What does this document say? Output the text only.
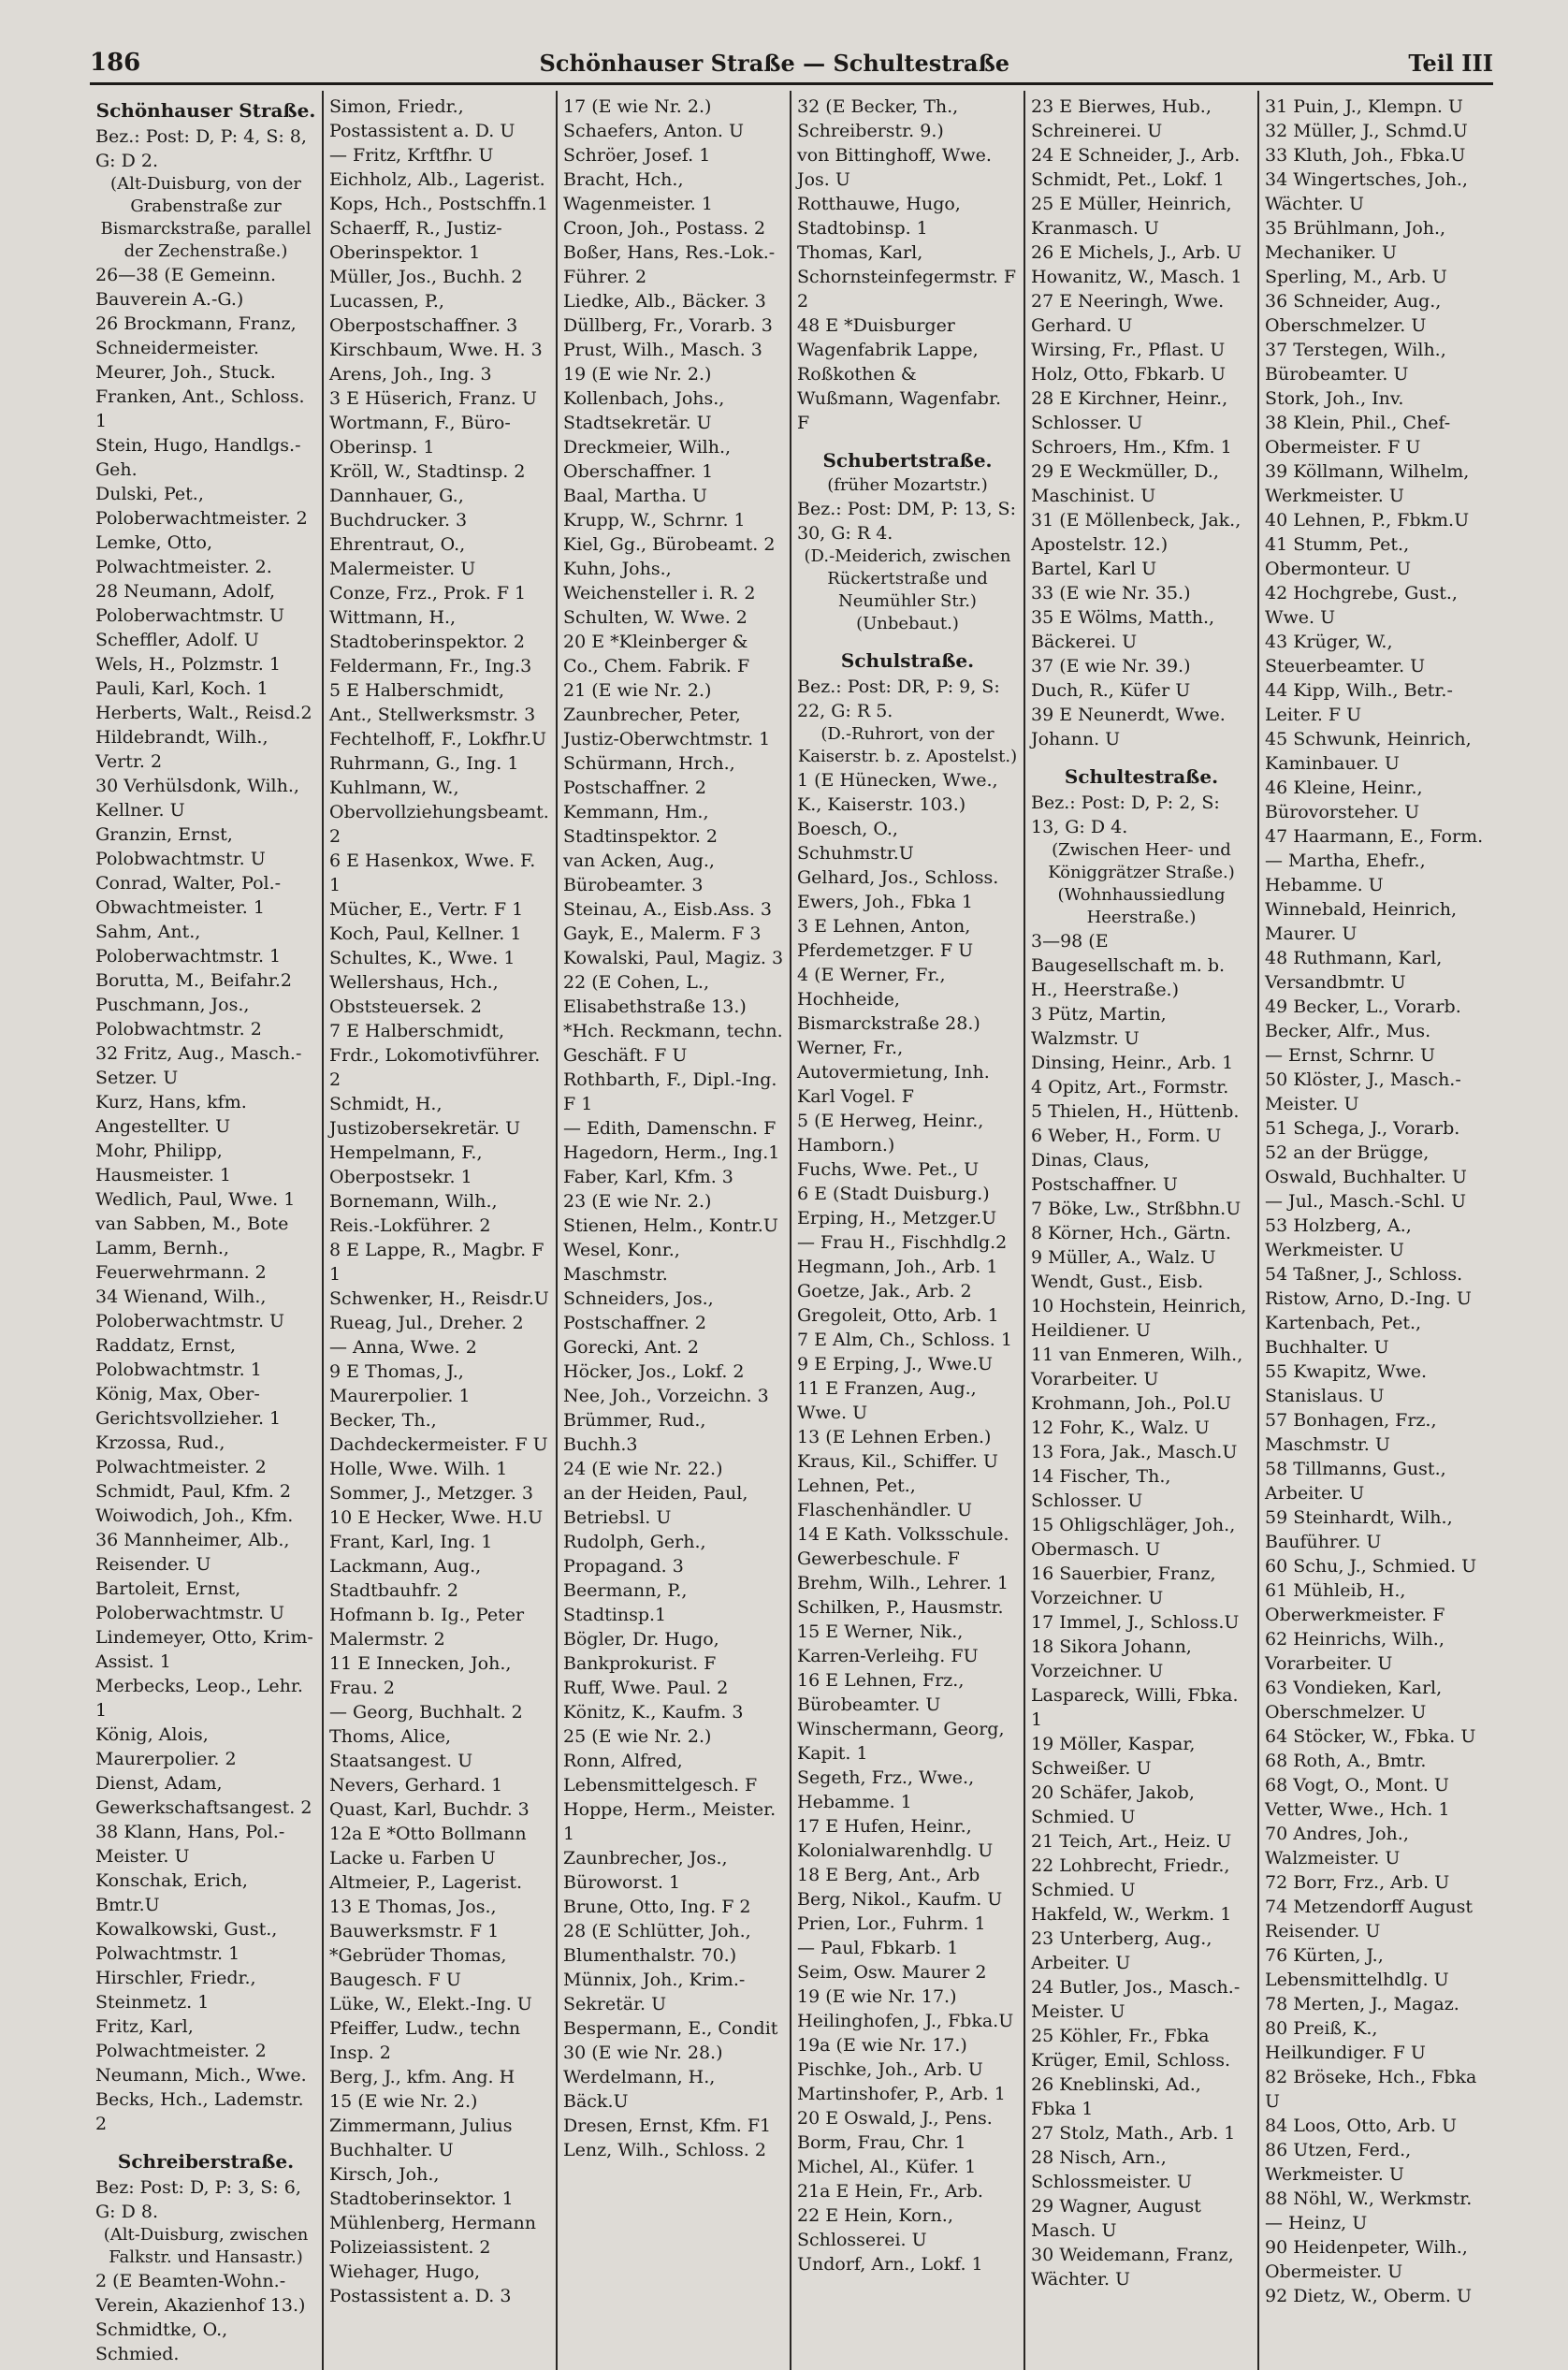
186	Schönhauser Straße — Schultestraße	Teil III
Schönhauser Straße.
Bez.: Post: D, P: 4, S: 8, G: D 2.
(Alt-Duisburg, von der Grabenstraße zur Bismarckstraße, parallel der Zechenstraße.)
26—38 (E Gemeinn. Bauverein A.-G.)
26 Brockmann, Franz, Schneidermeister.
Meurer, Joh., Stuck.
Franken, Ant., Schloss. 1
Stein, Hugo, Handlgs.-Geh.
Dulski, Pet., Poloberwachtmeister. 2
Lemke, Otto, Polwachtmeister. 2.
28 Neumann, Adolf, Poloberwachtmstr. U
Scheffler, Adolf. U
Wels, H., Polzmstr. 1
Pauli, Karl, Koch. 1
Herberts, Walt., Reisd.2
Hildebrandt, Wilh., Vertr. 2
30 Verhülsdonk, Wilh., Kellner. U
Granzin, Ernst, Polobwachtmstr. U
Conrad, Walter, Pol.-Obwachtmeister. 1
Sahm, Ant., Poloberwachtmstr. 1
Borutta, M., Beifahr.2
Puschmann, Jos., Polobwachtmstr. 2
32 Fritz, Aug., Masch.-Setzer. U
Kurz, Hans, kfm. Angestellter. U
Mohr, Philipp, Hausmeister. 1
Wedlich, Paul, Wwe. 1
van Sabben, M., Bote
Lamm, Bernh., Feuerwehrmann. 2
34 Wienand, Wilh., Poloberwachtmstr. U
Raddatz, Ernst, Polobwachtmstr. 1
König, Max, Ober-Gerichtsvollzieher. 1
Krzossa, Rud., Polwachtmeister. 2
Schmidt, Paul, Kfm. 2
Woiwodich, Joh., Kfm.
36 Mannheimer, Alb., Reisender. U
Bartoleit, Ernst, Poloberwachtmstr. U
Lindemeyer, Otto, Krim-Assist. 1
Merbecks, Leop., Lehr. 1
König, Alois, Maurerpolier. 2
Dienst, Adam, Gewerkschaftsangest. 2
38 Klann, Hans, Pol.-Meister. U
Konschak, Erich, Bmtr.U
Kowalkowski, Gust., Polwachtmstr. 1
Hirschler, Friedr., Steinmetz. 1
Fritz, Karl, Polwachtmeister. 2
Neumann, Mich., Wwe.
Becks, Hch., Lademstr. 2
Schreiberstraße.
Bez: Post: D, P: 3, S: 6, G: D 8.
(Alt-Duisburg, zwischen Falkstr. und Hansastr.)
2 (E Beamten-Wohn.-Verein, Akazienhof 13.)
Schmidtke, O., Schmied.
Simon, Friedr., Postassistent a. D. U
— Fritz, Krftfhr. U
Eichholz, Alb., Lagerist.
Kops, Hch., Postschffn.1
Schaerff, R., Justiz-Oberinspektor. 1
Müller, Jos., Buchh. 2
Lucassen, P., Oberpostschaffner. 3
Kirschbaum, Wwe. H. 3
Arens, Joh., Ing. 3
3 E Hüserich, Franz. U
Wortmann, F., Büro-Oberinsp. 1
Kröll, W., Stadtinsp. 2
Dannhauer, G., Buchdrucker. 3
Ehrentraut, O., Malermeister. U
Conze, Frz., Prok. F 1
Wittmann, H., Stadtoberinspektor. 2
Feldermann, Fr., Ing.3
5 E Halberschmidt, Ant., Stellwerksmstr. 3
Fechtelhoff, F., Lokfhr.U
Ruhrmann, G., Ing. 1
Kuhlmann, W., Obervollziehungsbeamt. 2
6 E Hasenkox, Wwe. F. 1
Mücher, E., Vertr. F 1
Koch, Paul, Kellner. 1
Schultes, K., Wwe. 1
Wellershaus, Hch., Obststeuersek. 2
7 E Halberschmidt, Frdr., Lokomotivführer. 2
Schmidt, H., Justizobersekretär. U
Hempelmann, F., Oberpostsekr. 1
Bornemann, Wilh., Reis.-Lokführer. 2
8 E Lappe, R., Magbr. F 1
Schwenker, H., Reisdr.U
Rueag, Jul., Dreher. 2
— Anna, Wwe. 2
9 E Thomas, J., Maurerpolier. 1
Becker, Th., Dachdeckermeister. F U
Holle, Wwe. Wilh. 1
Sommer, J., Metzger. 3
10 E Hecker, Wwe. H.U
Frant, Karl, Ing. 1
Lackmann, Aug., Stadtbauhfr. 2
Hofmann b. Ig., Peter Malermstr. 2
11 E Innecken, Joh., Frau. 2
— Georg, Buchhalt. 2
Thoms, Alice, Staatsangest. U
Nevers, Gerhard. 1
Quast, Karl, Buchdr. 3
12a E *Otto Bollmann Lacke u. Farben U
Altmeier, P., Lagerist.
13 E Thomas, Jos., Bauwerksmstr. F 1
*Gebrüder Thomas, Baugesch. F U
Lüke, W., Elekt.-Ing. U
Pfeiffer, Ludw., techn Insp. 2
Berg, J., kfm. Ang. H
15 (E wie Nr. 2.)
Zimmermann, Julius Buchhalter. U
Kirsch, Joh., Stadtoberinsektor. 1
Mühlenberg, Hermann Polizeiassistent. 2
Wiehager, Hugo, Postassistent a. D. 3
17 (E wie Nr. 2.)
Schaefers, Anton. U
Schröer, Josef. 1
Bracht, Hch., Wagenmeister. 1
Croon, Joh., Postass. 2
Boßer, Hans, Res.-Lok.-Führer. 2
Liedke, Alb., Bäcker. 3
Düllberg, Fr., Vorarb. 3
Prust, Wilh., Masch. 3
19 (E wie Nr. 2.)
Kollenbach, Johs., Stadtsekretär. U
Dreckmeier, Wilh., Oberschaffner. 1
Baal, Martha. U
Krupp, W., Schrnr. 1
Kiel, Gg., Bürobeamt. 2
Kuhn, Johs., Weichensteller i. R. 2
Schulten, W. Wwe. 2
20 E *Kleinberger & Co., Chem. Fabrik. F
21 (E wie Nr. 2.)
Zaunbrecher, Peter, Justiz-Oberwchtmstr. 1
Schürmann, Hrch., Postschaffner. 2
Kemmann, Hm., Stadtinspektor. 2
van Acken, Aug., Bürobeamter. 3
Steinau, A., Eisb.Ass. 3
Gayk, E., Malerm. F 3
Kowalski, Paul, Magiz. 3
22 (E Cohen, L., Elisabethstraße 13.)
*Hch. Reckmann, techn. Geschäft. F U
Rothbarth, F., Dipl.-Ing. F 1
— Edith, Damenschn. F
Hagedorn, Herm., Ing.1
Faber, Karl, Kfm. 3
23 (E wie Nr. 2.)
Stienen, Helm., Kontr.U
Wesel, Konr., Maschmstr.
Schneiders, Jos., Postschaffner. 2
Gorecki, Ant. 2
Höcker, Jos., Lokf. 2
Nee, Joh., Vorzeichn. 3
Brümmer, Rud., Buchh.3
24 (E wie Nr. 22.)
an der Heiden, Paul, Betriebsl. U
Rudolph, Gerh., Propagand. 3
Beermann, P., Stadtinsp.1
Bögler, Dr. Hugo, Bankprokurist. F
Ruff, Wwe. Paul. 2
Könitz, K., Kaufm. 3
25 (E wie Nr. 2.)
Ronn, Alfred, Lebensmittelgesch. F
Hoppe, Herm., Meister. 1
Zaunbrecher, Jos., Büroworst. 1
Brune, Otto, Ing. F 2
28 (E Schlütter, Joh., Blumenthalstr. 70.)
Münnix, Joh., Krim.-Sekretär. U
Bespermann, E., Condit
30 (E wie Nr. 28.)
Werdelmann, H., Bäck.U
Dresen, Ernst, Kfm. F1
Lenz, Wilh., Schloss. 2
32 (E Becker, Th., Schreiberstr. 9.)
von Bittinghoff, Wwe. Jos. U
Rotthauwe, Hugo, Stadtobinsp. 1
Thomas, Karl, Schornsteinfegermstr. F 2
48 E *Duisburger Wagenfabrik Lappe, Roßkothen & Wußmann, Wagenfabr. F
Schubertstraße.
(früher Mozartstr.)
Bez.: Post: DM, P: 13, S: 30, G: R 4.
(D.-Meiderich, zwischen Rückertstraße und Neumühler Str.)
(Unbebaut.)
Schulstraße.
Bez.: Post: DR, P: 9, S: 22, G: R 5.
(D.-Ruhrort, von der Kaiserstr. b. z. Apostelst.)
1 (E Hünecken, Wwe., K., Kaiserstr. 103.)
Boesch, O., Schuhmstr.U
Gelhard, Jos., Schloss.
Ewers, Joh., Fbka 1
3 E Lehnen, Anton, Pferdemetzger. F U
4 (E Werner, Fr., Hochheide, Bismarckstraße 28.)
Werner, Fr., Autovermietung, Inh. Karl Vogel. F
5 (E Herweg, Heinr., Hamborn.)
Fuchs, Wwe. Pet., U
6 E (Stadt Duisburg.)
Erping, H., Metzger.U
— Frau H., Fischhdlg.2
Hegmann, Joh., Arb. 1
Goetze, Jak., Arb. 2
Gregoleit, Otto, Arb. 1
7 E Alm, Ch., Schloss. 1
9 E Erping, J., Wwe.U
11 E Franzen, Aug., Wwe. U
13 (E Lehnen Erben.)
Kraus, Kil., Schiffer. U
Lehnen, Pet., Flaschenhändler. U
14 E Kath. Volksschule.
Gewerbeschule. F
Brehm, Wilh., Lehrer. 1
Schilken, P., Hausmstr.
15 E Werner, Nik., Karren-Verleihg. FU
16 E Lehnen, Frz., Bürobeamter. U
Winschermann, Georg, Kapit. 1
Segeth, Frz., Wwe., Hebamme. 1
17 E Hufen, Heinr., Kolonialwarenhdlg. U
18 E Berg, Ant., Arb
Berg, Nikol., Kaufm. U
Prien, Lor., Fuhrm. 1
— Paul, Fbkarb. 1
Seim, Osw. Maurer 2
19 (E wie Nr. 17.)
Heilinghofen, J., Fbka.U
19a (E wie Nr. 17.)
Pischke, Joh., Arb. U
Martinshofer, P., Arb. 1
20 E Oswald, J., Pens.
Borm, Frau, Chr. 1
Michel, Al., Küfer. 1
21a E Hein, Fr., Arb.
22 E Hein, Korn., Schlosserei. U
Undorf, Arn., Lokf. 1
23 E Bierwes, Hub., Schreinerei. U
24 E Schneider, J., Arb.
Schmidt, Pet., Lokf. 1
25 E Müller, Heinrich, Kranmasch. U
26 E Michels, J., Arb. U
Howanitz, W., Masch. 1
27 E Neeringh, Wwe. Gerhard. U
Wirsing, Fr., Pflast. U
Holz, Otto, Fbkarb. U
28 E Kirchner, Heinr., Schlosser. U
Schroers, Hm., Kfm. 1
29 E Weckmüller, D., Maschinist. U
31 (E Möllenbeck, Jak., Apostelstr. 12.)
Bartel, Karl U
33 (E wie Nr. 35.)
35 E Wölms, Matth., Bäckerei. U
37 (E wie Nr. 39.)
Duch, R., Küfer U
39 E Neunerdt, Wwe. Johann. U
Schultestraße.
Bez.: Post: D, P: 2, S: 13, G: D 4.
(Zwischen Heer- und Königgrätzer Straße.) (Wohnhaussiedlung Heerstraße.)
3—98 (E Baugesellschaft m. b. H., Heerstraße.)
3 Pütz, Martin, Walzmstr. U
Dinsing, Heinr., Arb. 1
4 Opitz, Art., Formstr.
5 Thielen, H., Hüttenb.
6 Weber, H., Form. U
Dinas, Claus, Postschaffner. U
7 Böke, Lw., Strßbhn.U
8 Körner, Hch., Gärtn.
9 Müller, A., Walz. U
Wendt, Gust., Eisb.
10 Hochstein, Heinrich, Heildiener. U
11 van Enmeren, Wilh., Vorarbeiter. U
Krohmann, Joh., Pol.U
12 Fohr, K., Walz. U
13 Fora, Jak., Masch.U
14 Fischer, Th., Schlosser. U
15 Ohligschläger, Joh., Obermasch. U
16 Sauerbier, Franz, Vorzeichner. U
17 Immel, J., Schloss.U
18 Sikora Johann, Vorzeichner. U
Laspareck, Willi, Fbka. 1
19 Möller, Kaspar, Schweißer. U
20 Schäfer, Jakob, Schmied. U
21 Teich, Art., Heiz. U
22 Lohbrecht, Friedr., Schmied. U
Hakfeld, W., Werkm. 1
23 Unterberg, Aug., Arbeiter. U
24 Butler, Jos., Masch.-Meister. U
25 Köhler, Fr., Fbka
Krüger, Emil, Schloss.
26 Kneblinski, Ad., Fbka 1
27 Stolz, Math., Arb. 1
28 Nisch, Arn., Schlossmeister. U
29 Wagner, August Masch. U
30 Weidemann, Franz, Wächter. U
31 Puin, J., Klempn. U
32 Müller, J., Schmd.U
33 Kluth, Joh., Fbka.U
34 Wingertsches, Joh., Wächter. U
35 Brühlmann, Joh., Mechaniker. U
Sperling, M., Arb. U
36 Schneider, Aug., Oberschmelzer. U
37 Terstegen, Wilh., Bürobeamter. U
Stork, Joh., Inv.
38 Klein, Phil., Chef-Obermeister. F U
39 Köllmann, Wilhelm, Werkmeister. U
40 Lehnen, P., Fbkm.U
41 Stumm, Pet., Obermonteur. U
42 Hochgrebe, Gust., Wwe. U
43 Krüger, W., Steuerbeamter. U
44 Kipp, Wilh., Betr.-Leiter. F U
45 Schwunk, Heinrich, Kaminbauer. U
46 Kleine, Heinr., Bürovorsteher. U
47 Haarmann, E., Form.
— Martha, Ehefr., Hebamme. U
Winnebald, Heinrich, Maurer. U
48 Ruthmann, Karl, Versandbmtr. U
49 Becker, L., Vorarb.
Becker, Alfr., Mus.
— Ernst, Schrnr. U
50 Klöster, J., Masch.-Meister. U
51 Schega, J., Vorarb.
52 an der Brügge, Oswald, Buchhalter. U
— Jul., Masch.-Schl. U
53 Holzberg, A., Werkmeister. U
54 Taßner, J., Schloss.
Ristow, Arno, D.-Ing. U
Kartenbach, Pet., Buchhalter. U
55 Kwapitz, Wwe. Stanislaus. U
57 Bonhagen, Frz., Maschmstr. U
58 Tillmanns, Gust., Arbeiter. U
59 Steinhardt, Wilh., Bauführer. U
60 Schu, J., Schmied. U
61 Mühleib, H., Oberwerkmeister. F
62 Heinrichs, Wilh., Vorarbeiter. U
63 Vondieken, Karl, Oberschmelzer. U
64 Stöcker, W., Fbka. U
68 Roth, A., Bmtr.
68 Vogt, O., Mont. U
Vetter, Wwe., Hch. 1
70 Andres, Joh., Walzmeister. U
72 Borr, Frz., Arb. U
74 Metzendorff August Reisender. U
76 Kürten, J., Lebensmittelhdlg. U
78 Merten, J., Magaz.
80 Preiß, K., Heilkundiger. F U
82 Bröseke, Hch., Fbka U
84 Loos, Otto, Arb. U
86 Utzen, Ferd., Werkmeister. U
88 Nöhl, W., Werkmstr.
— Heinz, U
90 Heidenpeter, Wilh., Obermeister. U
92 Dietz, W., Oberm. U
